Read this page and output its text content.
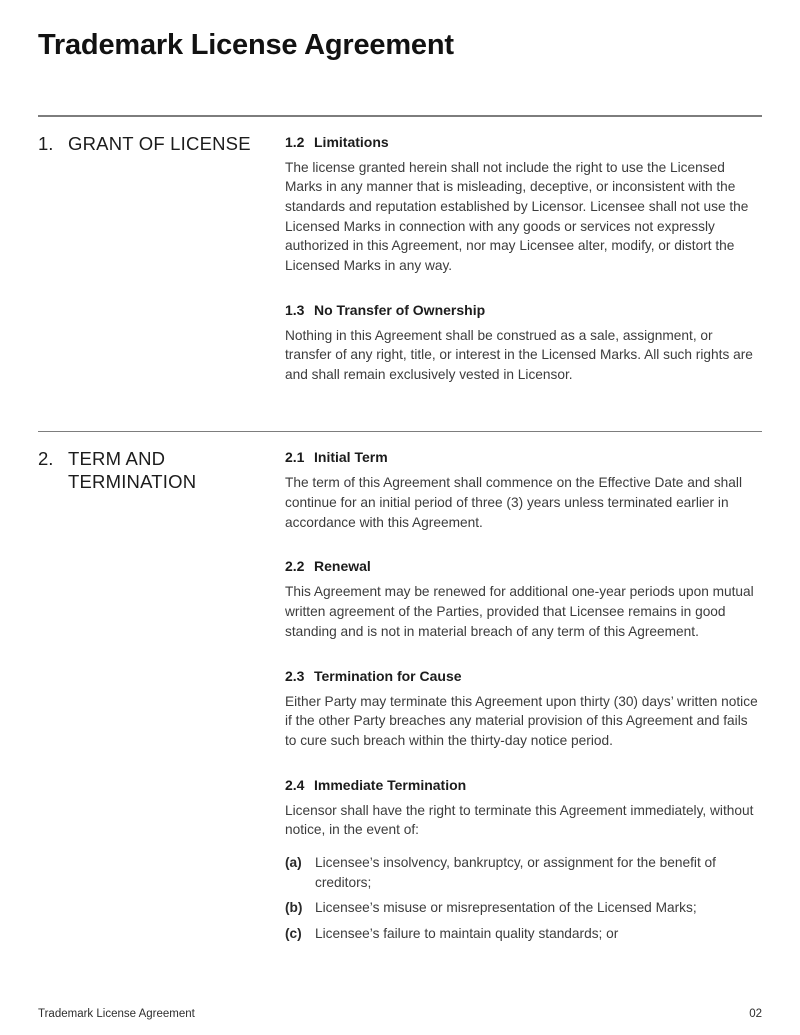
Trademark License Agreement
1. GRANT OF LICENSE 1.2 Limitations

The license granted herein shall not include the right to use the Licensed Marks in any manner that is misleading, deceptive, or inconsistent with the standards and reputation established by Licensor. Licensee shall not use the Licensed Marks in connection with any goods or services not expressly authorized in this Agreement, nor may Licensee alter, modify, or distort the Licensed Marks in any way.

1.3 No Transfer of Ownership

Nothing in this Agreement shall be construed as a sale, assignment, or transfer of any right, title, or interest in the Licensed Marks. All such rights are and shall remain exclusively vested in Licensor.

2. TERM AND TERMINATION
2.1 Initial Term

The term of this Agreement shall commence on the Effective Date and shall continue for an initial period of three (3) years unless terminated earlier in accordance with this Agreement.

2.2 Renewal

This Agreement may be renewed for additional one-year periods upon mutual written agreement of the Parties, provided that Licensee remains in good standing and is not in material breach of any term of this Agreement.

2.3 Termination for Cause

Either Party may terminate this Agreement upon thirty (30) days’ written notice if the other Party breaches any material provision of this Agreement and fails to cure such breach within the thirty-day notice period.

2.4 Immediate Termination

Licensor shall have the right to terminate this Agreement immediately, without notice, in the event of:

(a) Licensee’s insolvency, bankruptcy, or assignment for the benefit of creditors;
(b) Licensee’s misuse or misrepresentation of the Licensed Marks;
(c) Licensee’s failure to maintain quality standards; or
Trademark License Agreement	02
